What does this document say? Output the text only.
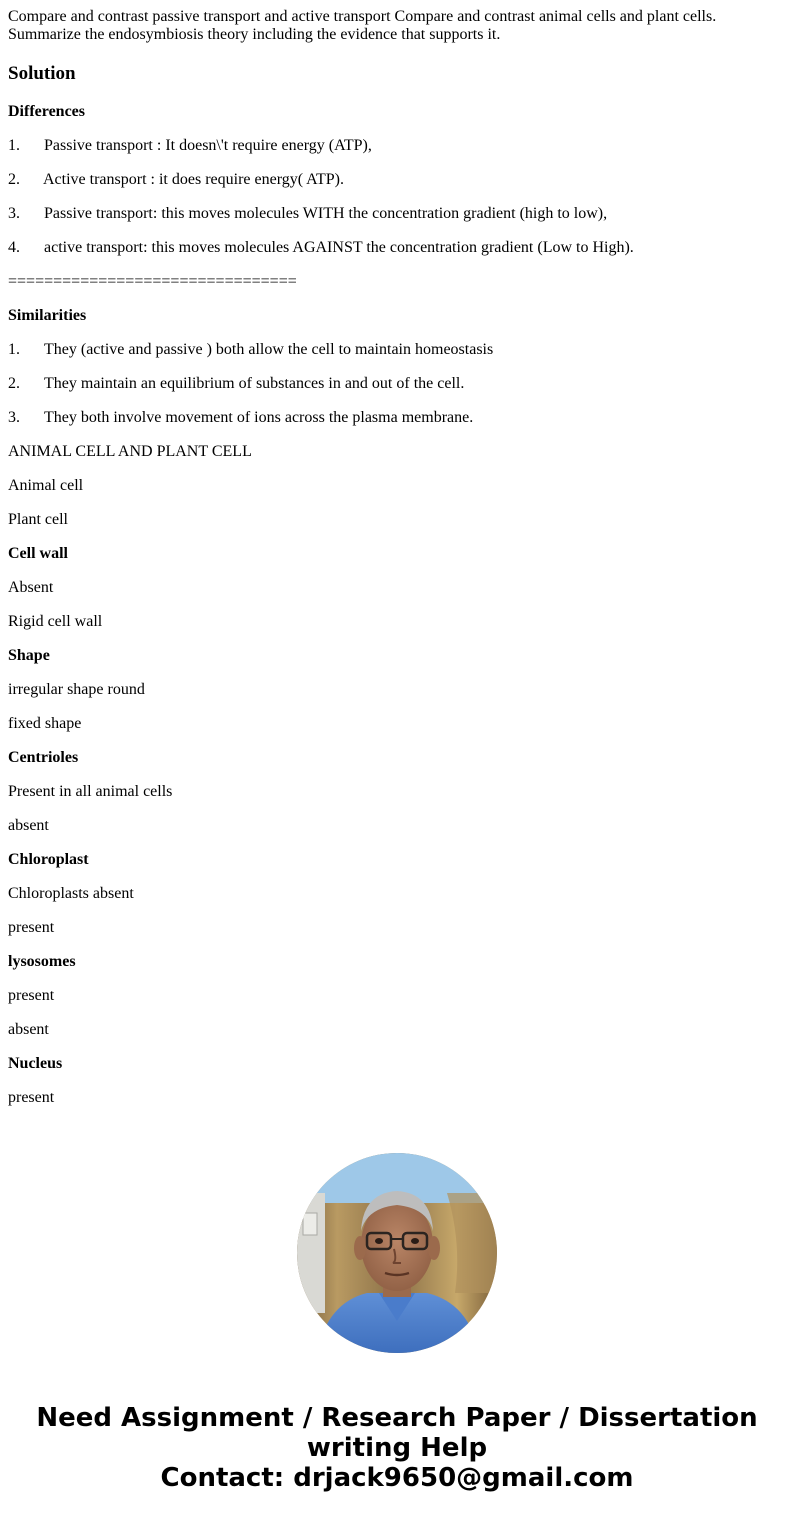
Compare and contrast passive transport and active transport Compare and contrast animal cells and plant cells. Summarize the endosymbiosis theory including the evidence that supports it.

Solution

Differences

1. Passive transport : It doesn\'t require energy (ATP),

2. Active transport : it does require energy( ATP).

3. Passive transport: this moves molecules WITH the concentration gradient (high to low),

4. active transport: this moves molecules AGAINST the concentration gradient (Low to High).

================================

Similarities

1. They (active and passive ) both allow the cell to maintain homeostasis

2. They maintain an equilibrium of substances in and out of the cell.

3. They both involve movement of ions across the plasma membrane.

ANIMAL CELL AND PLANT CELL

Animal cell

Plant cell

Cell wall

Absent

Rigid cell wall

Shape

irregular shape round

fixed shape

Centrioles

Present in all animal cells

absent

Chloroplast

Chloroplasts absent

present

lysosomes

present

absent

Nucleus

present

Need Assignment / Research Paper / Dissertation
writing Help
Contact: drjack9650@gmail.com
